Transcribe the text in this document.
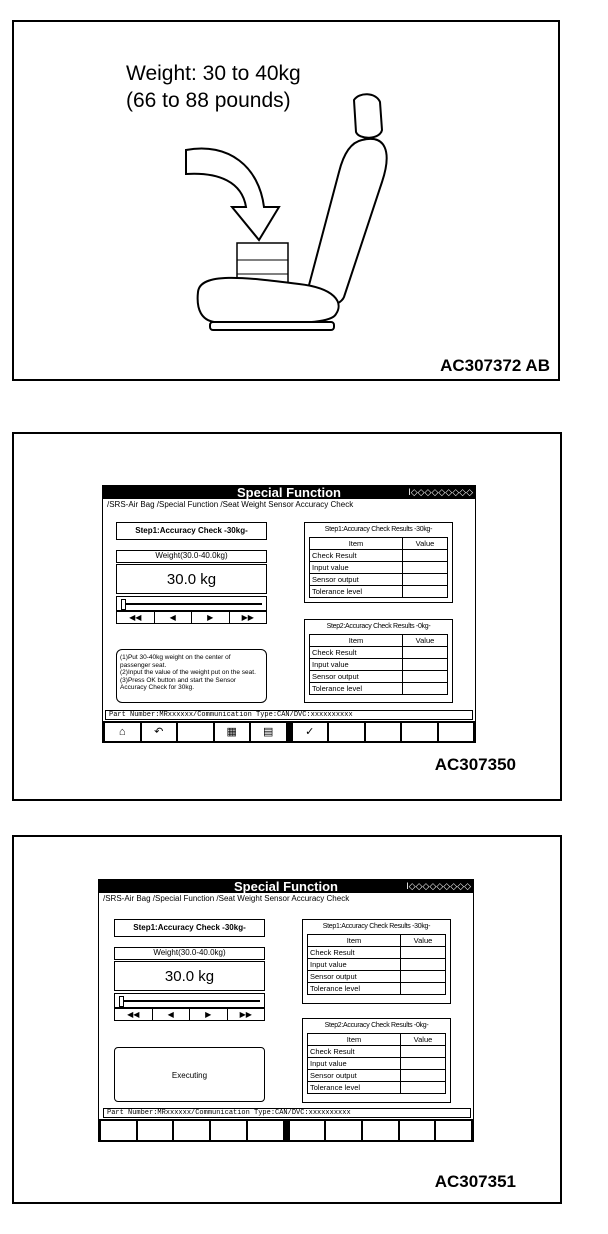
Weight: 30 to 40kg
(66 to 88 pounds)
AC307372 AB
Special Function	I◇◇◇◇◇◇◇◇◇
/SRS-Air Bag /Special Function /Seat Weight Sensor Accuracy Check
Step1:Accuracy Check -30kg-
Weight(30.0-40.0kg)
30.0 kg
◀◀	◀	▶	▶▶
(1)Put 30-40kg weight on the center of
passenger seat.
(2)Input the value of the weight put on the seat.
(3)Press OK button and start the Sensor
Accuracy Check for 30kg.
Step1:Accuracy Check Results -30kg-
Item	Value
Check Result	
Input value	
Sensor output	
Tolerance level	
Step2:Accuracy Check Results -0kg-
Item	Value
Check Result	
Input value	
Sensor output	
Tolerance level	
Part Number:MRxxxxxx/Communication Type:CAN/DVC:xxxxxxxxxx
⌂	↶	▦	▤	✓
AC307350
Special Function	I◇◇◇◇◇◇◇◇◇
/SRS-Air Bag /Special Function /Seat Weight Sensor Accuracy Check
Step1:Accuracy Check -30kg-
Weight(30.0-40.0kg)
30.0 kg
◀◀	◀	▶	▶▶
Executing
Step1:Accuracy Check Results -30kg-
Item	Value
Check Result	
Input value	
Sensor output	
Tolerance level	
Step2:Accuracy Check Results -0kg-
Item	Value
Check Result	
Input value	
Sensor output	
Tolerance level	
Part Number:MRxxxxxx/Communication Type:CAN/DVC:xxxxxxxxxx
AC307351
